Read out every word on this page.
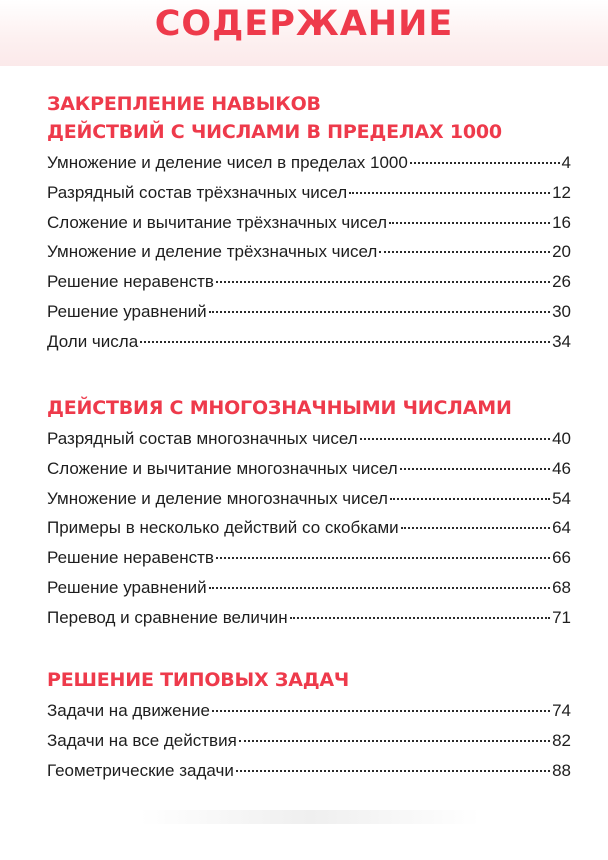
СОДЕРЖАНИЕ
ЗАКРЕПЛЕНИЕ НАВЫКОВ
ДЕЙСТВИЙ С ЧИСЛАМИ В ПРЕДЕЛАХ 1000
Умножение и деление чисел в пределах 1000	4
Разрядный состав трёхзначных чисел	12
Сложение и вычитание трёхзначных чисел	16
Умножение и деление трёхзначных чисел	20
Решение неравенств	26
Решение уравнений	30
Доли числа	34
ДЕЙСТВИЯ С МНОГОЗНАЧНЫМИ ЧИСЛАМИ
Разрядный состав многозначных чисел	40
Сложение и вычитание многозначных чисел	46
Умножение и деление многозначных чисел	54
Примеры в несколько действий со скобками	64
Решение неравенств	66
Решение уравнений	68
Перевод и сравнение величин	71
РЕШЕНИЕ ТИПОВЫХ ЗАДАЧ
Задачи на движение	74
Задачи на все действия	82
Геометрические задачи	88
